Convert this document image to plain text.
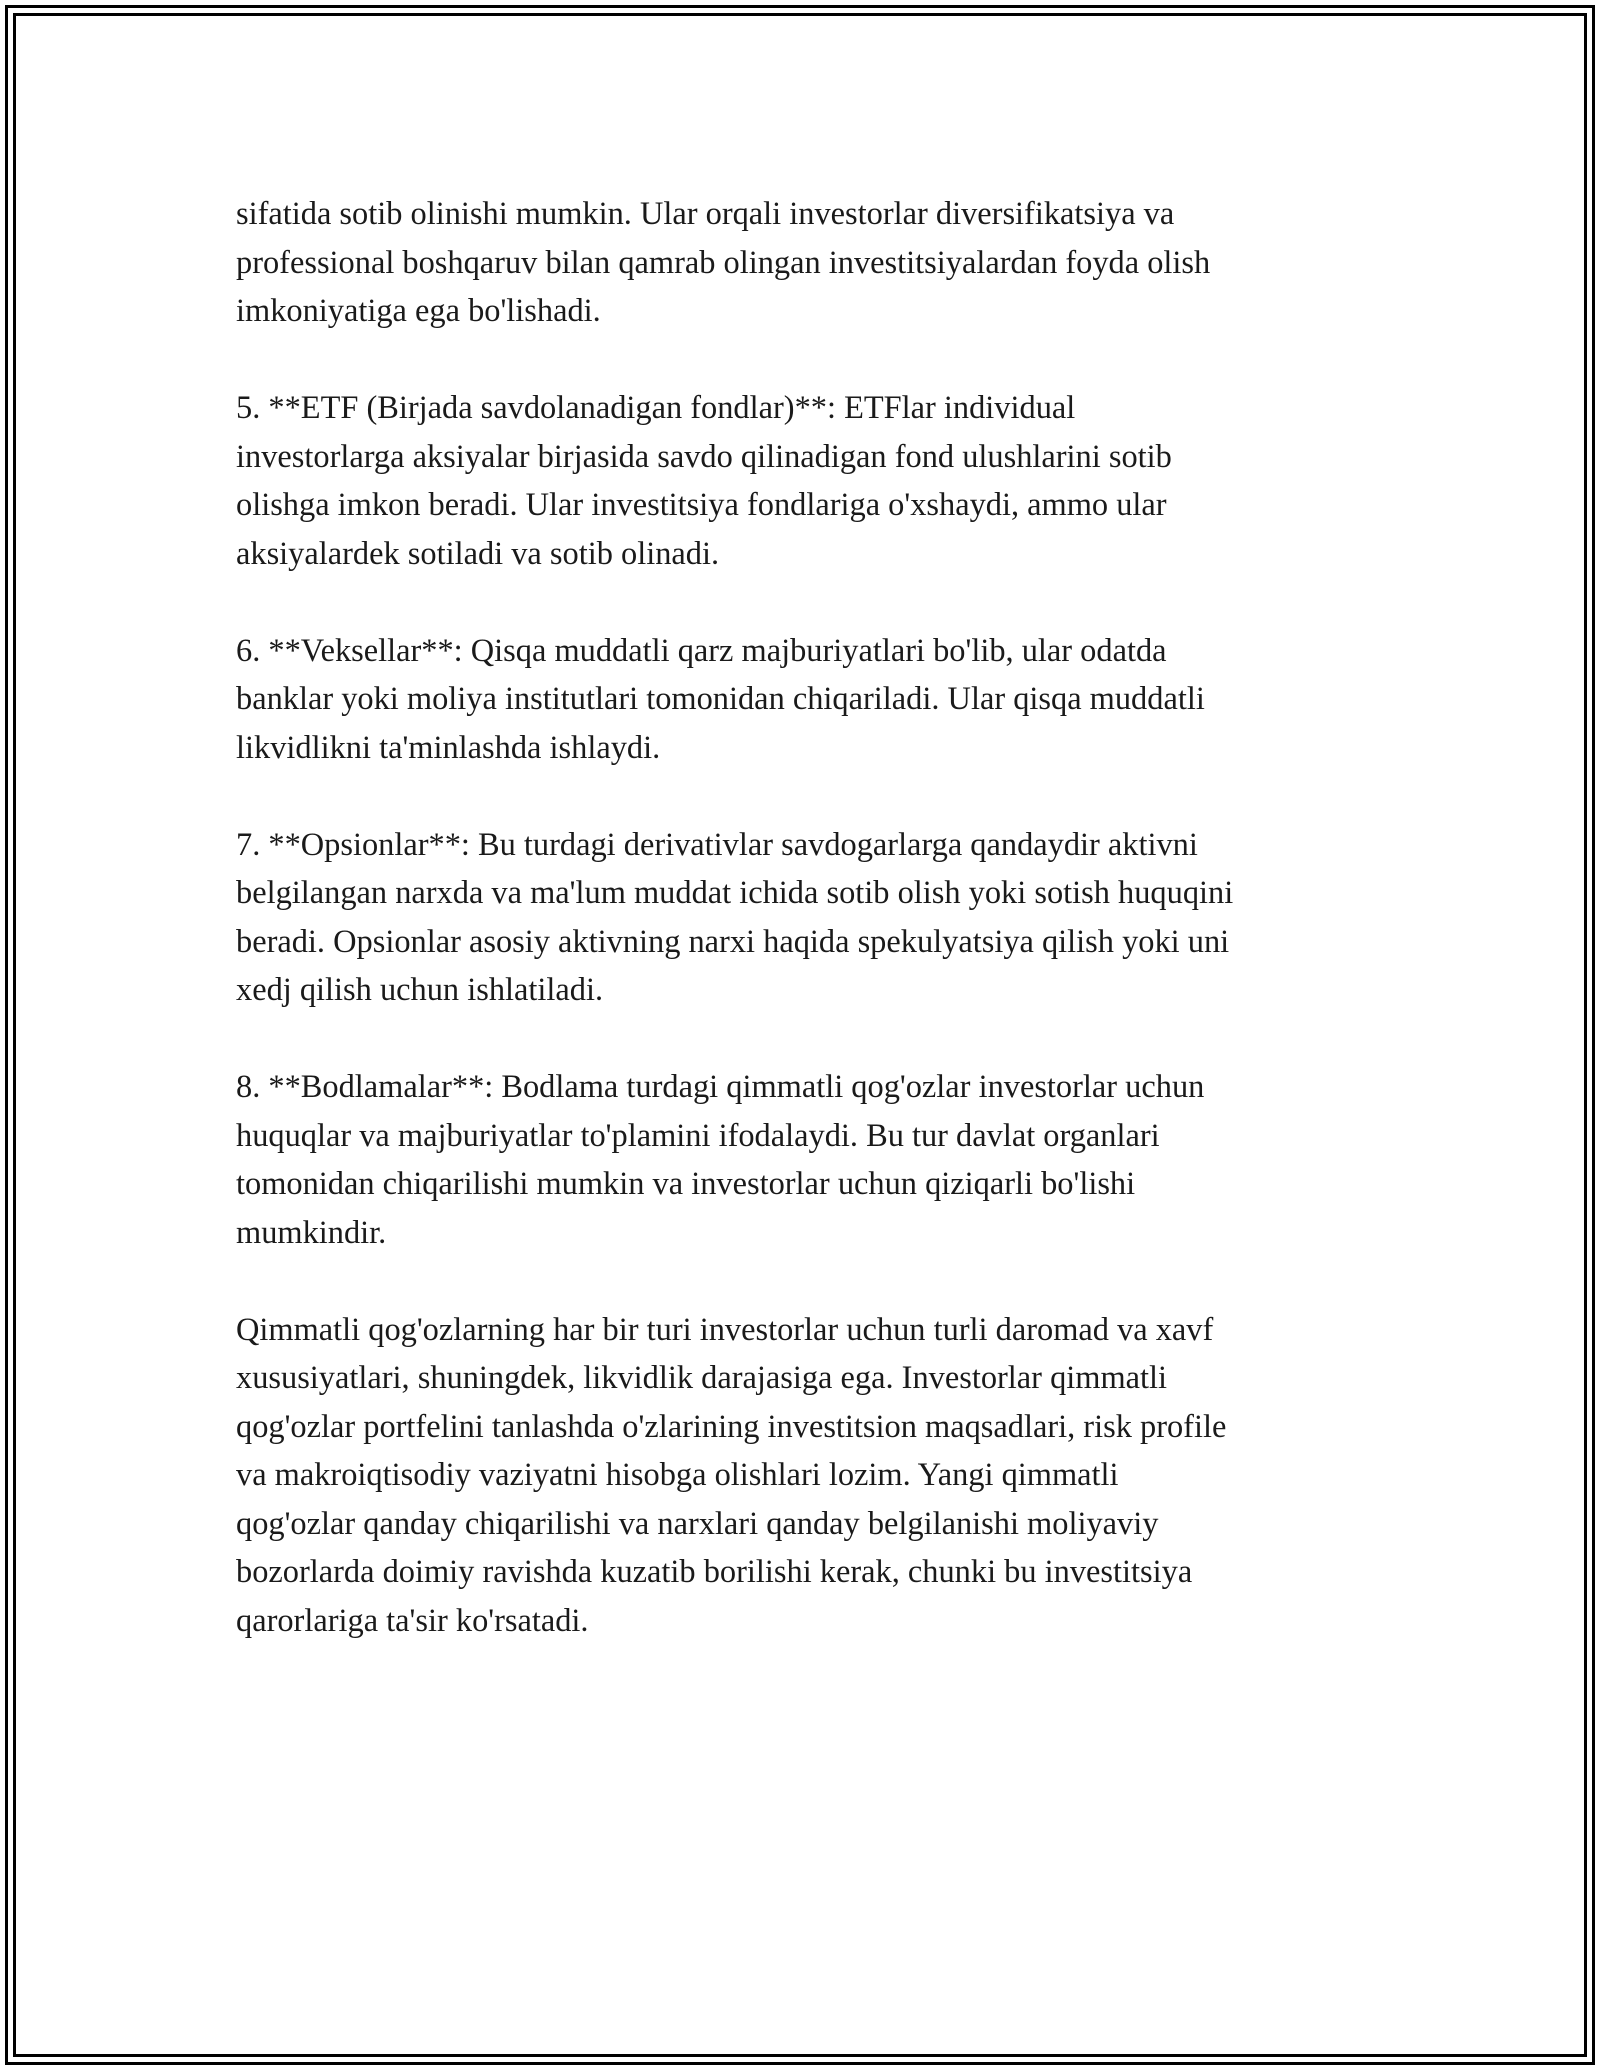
sifatida sotib olinishi mumkin. Ular orqali investorlar diversifikatsiya va
professional boshqaruv bilan qamrab olingan investitsiyalardan foyda olish
imkoniyatiga ega bo'lishadi.

5. **ETF (Birjada savdolanadigan fondlar)**: ETFlar individual
investorlarga aksiyalar birjasida savdo qilinadigan fond ulushlarini sotib
olishga imkon beradi. Ular investitsiya fondlariga o'xshaydi, ammo ular
aksiyalardek sotiladi va sotib olinadi.

6. **Veksellar**: Qisqa muddatli qarz majburiyatlari bo'lib, ular odatda
banklar yoki moliya institutlari tomonidan chiqariladi. Ular qisqa muddatli
likvidlikni ta'minlashda ishlaydi.

7. **Opsionlar**: Bu turdagi derivativlar savdogarlarga qandaydir aktivni
belgilangan narxda va ma'lum muddat ichida sotib olish yoki sotish huquqini
beradi. Opsionlar asosiy aktivning narxi haqida spekulyatsiya qilish yoki uni
xedj qilish uchun ishlatiladi.

8. **Bodlamalar**: Bodlama turdagi qimmatli qog'ozlar investorlar uchun
huquqlar va majburiyatlar to'plamini ifodalaydi. Bu tur davlat organlari
tomonidan chiqarilishi mumkin va investorlar uchun qiziqarli bo'lishi
mumkindir.

Qimmatli qog'ozlarning har bir turi investorlar uchun turli daromad va xavf
xususiyatlari, shuningdek, likvidlik darajasiga ega. Investorlar qimmatli
qog'ozlar portfelini tanlashda o'zlarining investitsion maqsadlari, risk profile
va makroiqtisodiy vaziyatni hisobga olishlari lozim. Yangi qimmatli
qog'ozlar qanday chiqarilishi va narxlari qanday belgilanishi moliyaviy
bozorlarda doimiy ravishda kuzatib borilishi kerak, chunki bu investitsiya
qarorlariga ta'sir ko'rsatadi.
